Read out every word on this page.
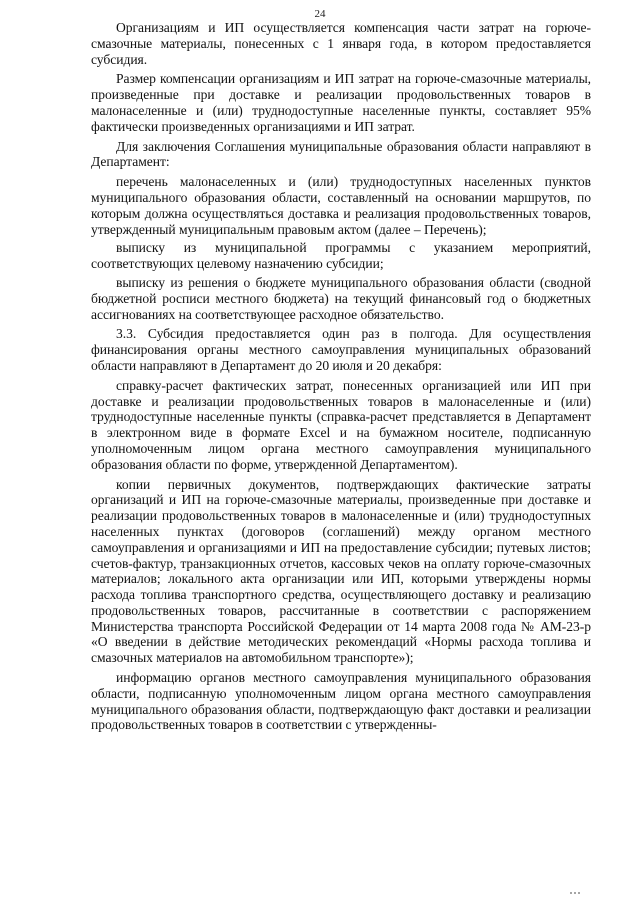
24

Организациям и ИП осуществляется компенсация части затрат на горюче-смазочные материалы, понесенных с 1 января года, в котором предоставляется субсидия.

Размер компенсации организациям и ИП затрат на горюче-смазочные материалы, произведенные при доставке и реализации продовольственных товаров в малонаселенные и (или) труднодоступные населенные пункты, составляет 95% фактически произведенных организациями и ИП затрат.

Для заключения Соглашения муниципальные образования области направляют в Департамент:

перечень малонаселенных и (или) труднодоступных населенных пунктов муниципального образования области, составленный на основании маршрутов, по которым должна осуществляться доставка и реализация продовольственных товаров, утвержденный муниципальным правовым актом (далее – Перечень);

выписку из муниципальной программы с указанием мероприятий, соответствующих целевому назначению субсидии;

выписку из решения о бюджете муниципального образования области (сводной бюджетной росписи местного бюджета) на текущий финансовый год о бюджетных ассигнованиях на соответствующее расходное обязательство.

3.3. Субсидия предоставляется один раз в полгода. Для осуществления финансирования органы местного самоуправления муниципальных образований области направляют в Департамент до 20 июля и 20 декабря:

справку-расчет фактических затрат, понесенных организацией или ИП при доставке и реализации продовольственных товаров в малонаселенные и (или) труднодоступные населенные пункты (справка-расчет представляется в Департамент в электронном виде в формате Excel и на бумажном носителе, подписанную уполномоченным лицом органа местного самоуправления муниципального образования области по форме, утвержденной Департаментом).

копии первичных документов, подтверждающих фактические затраты организаций и ИП на горюче-смазочные материалы, произведенные при доставке и реализации продовольственных товаров в малонаселенные и (или) труднодоступных населенных пунктах (договоров (соглашений) между органом местного самоуправления и организациями и ИП на предоставление субсидии; путевых листов; счетов-фактур, транзакционных отчетов, кассовых чеков на оплату горюче-смазочных материалов; локального акта организации или ИП, которыми утверждены нормы расхода топлива транспортного средства, осуществляющего доставку и реализацию продовольственных товаров, рассчитанные в соответствии с распоряжением Министерства транспорта Российской Федерации от 14 марта 2008 года № АМ-23-р «О введении в действие методических рекомендаций «Нормы расхода топлива и смазочных материалов на автомобильном транспорте»);

информацию органов местного самоуправления муниципального образования области, подписанную уполномоченным лицом органа местного самоуправления муниципального образования области, подтверждающую факт доставки и реализации продовольственных товаров в соответствии с утвержденны-
